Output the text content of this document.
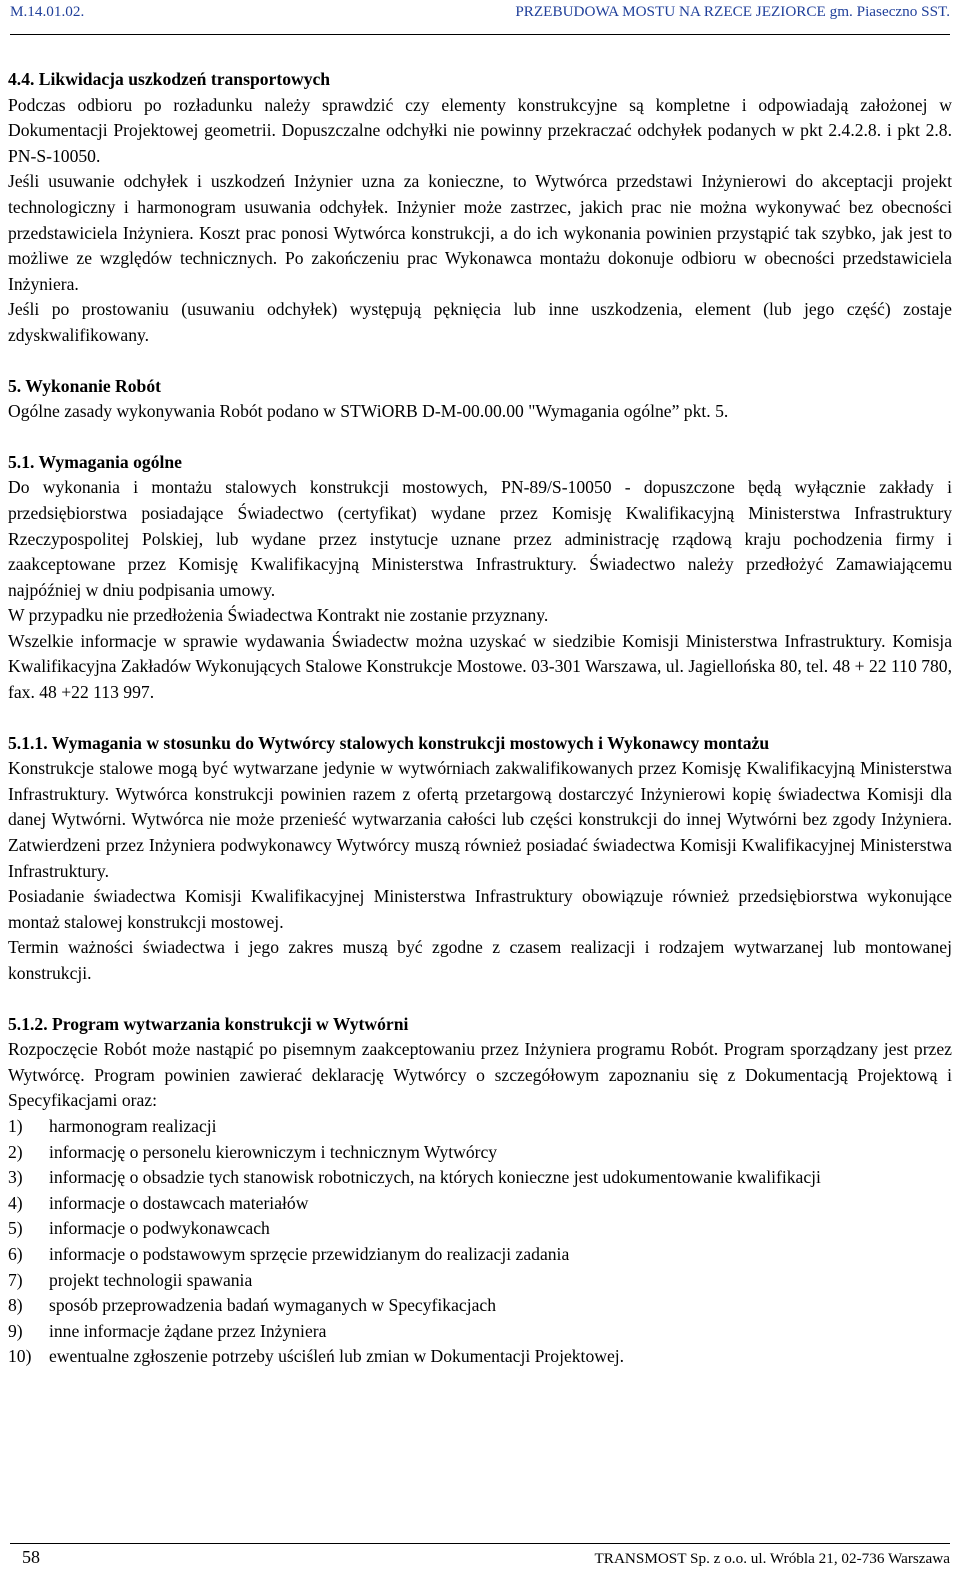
M.14.01.02.	PRZEBUDOWA MOSTU NA RZECE JEZIORCE gm. Piaseczno SST.

4.4. Likwidacja uszkodzeń transportowych

Podczas odbioru po rozładunku należy sprawdzić czy elementy konstrukcyjne są kompletne i odpowiadają założonej w Dokumentacji Projektowej geometrii. Dopuszczalne odchyłki nie powinny przekraczać odchyłek podanych w pkt 2.4.2.8. i pkt 2.8. PN-S-10050.

Jeśli usuwanie odchyłek i uszkodzeń Inżynier uzna za konieczne, to Wytwórca przedstawi Inżynierowi do akceptacji projekt technologiczny i harmonogram usuwania odchyłek. Inżynier może zastrzec, jakich prac nie można wykonywać bez obecności przedstawiciela Inżyniera. Koszt prac ponosi Wytwórca konstrukcji, a do ich wykonania powinien przystąpić tak szybko, jak jest to możliwe ze względów technicznych. Po zakończeniu prac Wykonawca montażu dokonuje odbioru w obecności przedstawiciela Inżyniera.

Jeśli po prostowaniu (usuwaniu odchyłek) występują pęknięcia lub inne uszkodzenia, element (lub jego część) zostaje zdyskwalifikowany.

5. Wykonanie Robót

Ogólne zasady wykonywania Robót podano w STWiORB D-M-00.00.00 "Wymagania ogólne” pkt. 5.

5.1. Wymagania ogólne

Do wykonania i montażu stalowych konstrukcji mostowych, PN-89/S-10050 - dopuszczone będą wyłącznie zakłady i przedsiębiorstwa posiadające Świadectwo (certyfikat) wydane przez Komisję Kwalifikacyjną Ministerstwa Infrastruktury Rzeczypospolitej Polskiej, lub wydane przez instytucje uznane przez administrację rządową kraju pochodzenia firmy i zaakceptowane przez Komisję Kwalifikacyjną Ministerstwa Infrastruktury. Świadectwo należy przedłożyć Zamawiającemu najpóźniej w dniu podpisania umowy.

W przypadku nie przedłożenia Świadectwa Kontrakt nie zostanie przyznany.

Wszelkie informacje w sprawie wydawania Świadectw można uzyskać w siedzibie Komisji Ministerstwa Infrastruktury. Komisja Kwalifikacyjna Zakładów Wykonujących Stalowe Konstrukcje Mostowe. 03-301 Warszawa, ul. Jagiellońska 80, tel. 48 + 22 110 780, fax. 48 +22 113 997.

5.1.1. Wymagania w stosunku do Wytwórcy stalowych konstrukcji mostowych i Wykonawcy montażu

Konstrukcje stalowe mogą być wytwarzane jedynie w wytwórniach zakwalifikowanych przez Komisję Kwalifikacyjną Ministerstwa Infrastruktury. Wytwórca konstrukcji powinien razem z ofertą przetargową dostarczyć Inżynierowi kopię świadectwa Komisji dla danej Wytwórni. Wytwórca nie może przenieść wytwarzania całości lub części konstrukcji do innej Wytwórni bez zgody Inżyniera. Zatwierdzeni przez Inżyniera podwykonawcy Wytwórcy muszą również posiadać świadectwa Komisji Kwalifikacyjnej Ministerstwa Infrastruktury.

Posiadanie świadectwa Komisji Kwalifikacyjnej Ministerstwa Infrastruktury obowiązuje również przedsiębiorstwa wykonujące montaż stalowej konstrukcji mostowej.

Termin ważności świadectwa i jego zakres muszą być zgodne z czasem realizacji i rodzajem wytwarzanej lub montowanej konstrukcji.

5.1.2. Program wytwarzania konstrukcji w Wytwórni

Rozpoczęcie Robót może nastąpić po pisemnym zaakceptowaniu przez Inżyniera programu Robót. Program sporządzany jest przez Wytwórcę. Program powinien zawierać deklarację Wytwórcy o szczegółowym zapoznaniu się z Dokumentacją Projektową i Specyfikacjami oraz:

1) harmonogram realizacji
2) informację o personelu kierowniczym i technicznym Wytwórcy
3) informację o obsadzie tych stanowisk robotniczych, na których konieczne jest udokumentowanie kwalifikacji
4) informacje o dostawcach materiałów
5) informacje o podwykonawcach
6) informacje o podstawowym sprzęcie przewidzianym do realizacji zadania
7) projekt technologii spawania
8) sposób przeprowadzenia badań wymaganych w Specyfikacjach
9) inne informacje żądane przez Inżyniera
10) ewentualne zgłoszenie potrzeby uściśleń lub zmian w Dokumentacji Projektowej.
58	TRANSMOST Sp. z o.o. ul. Wróbla 21, 02-736 Warszawa
